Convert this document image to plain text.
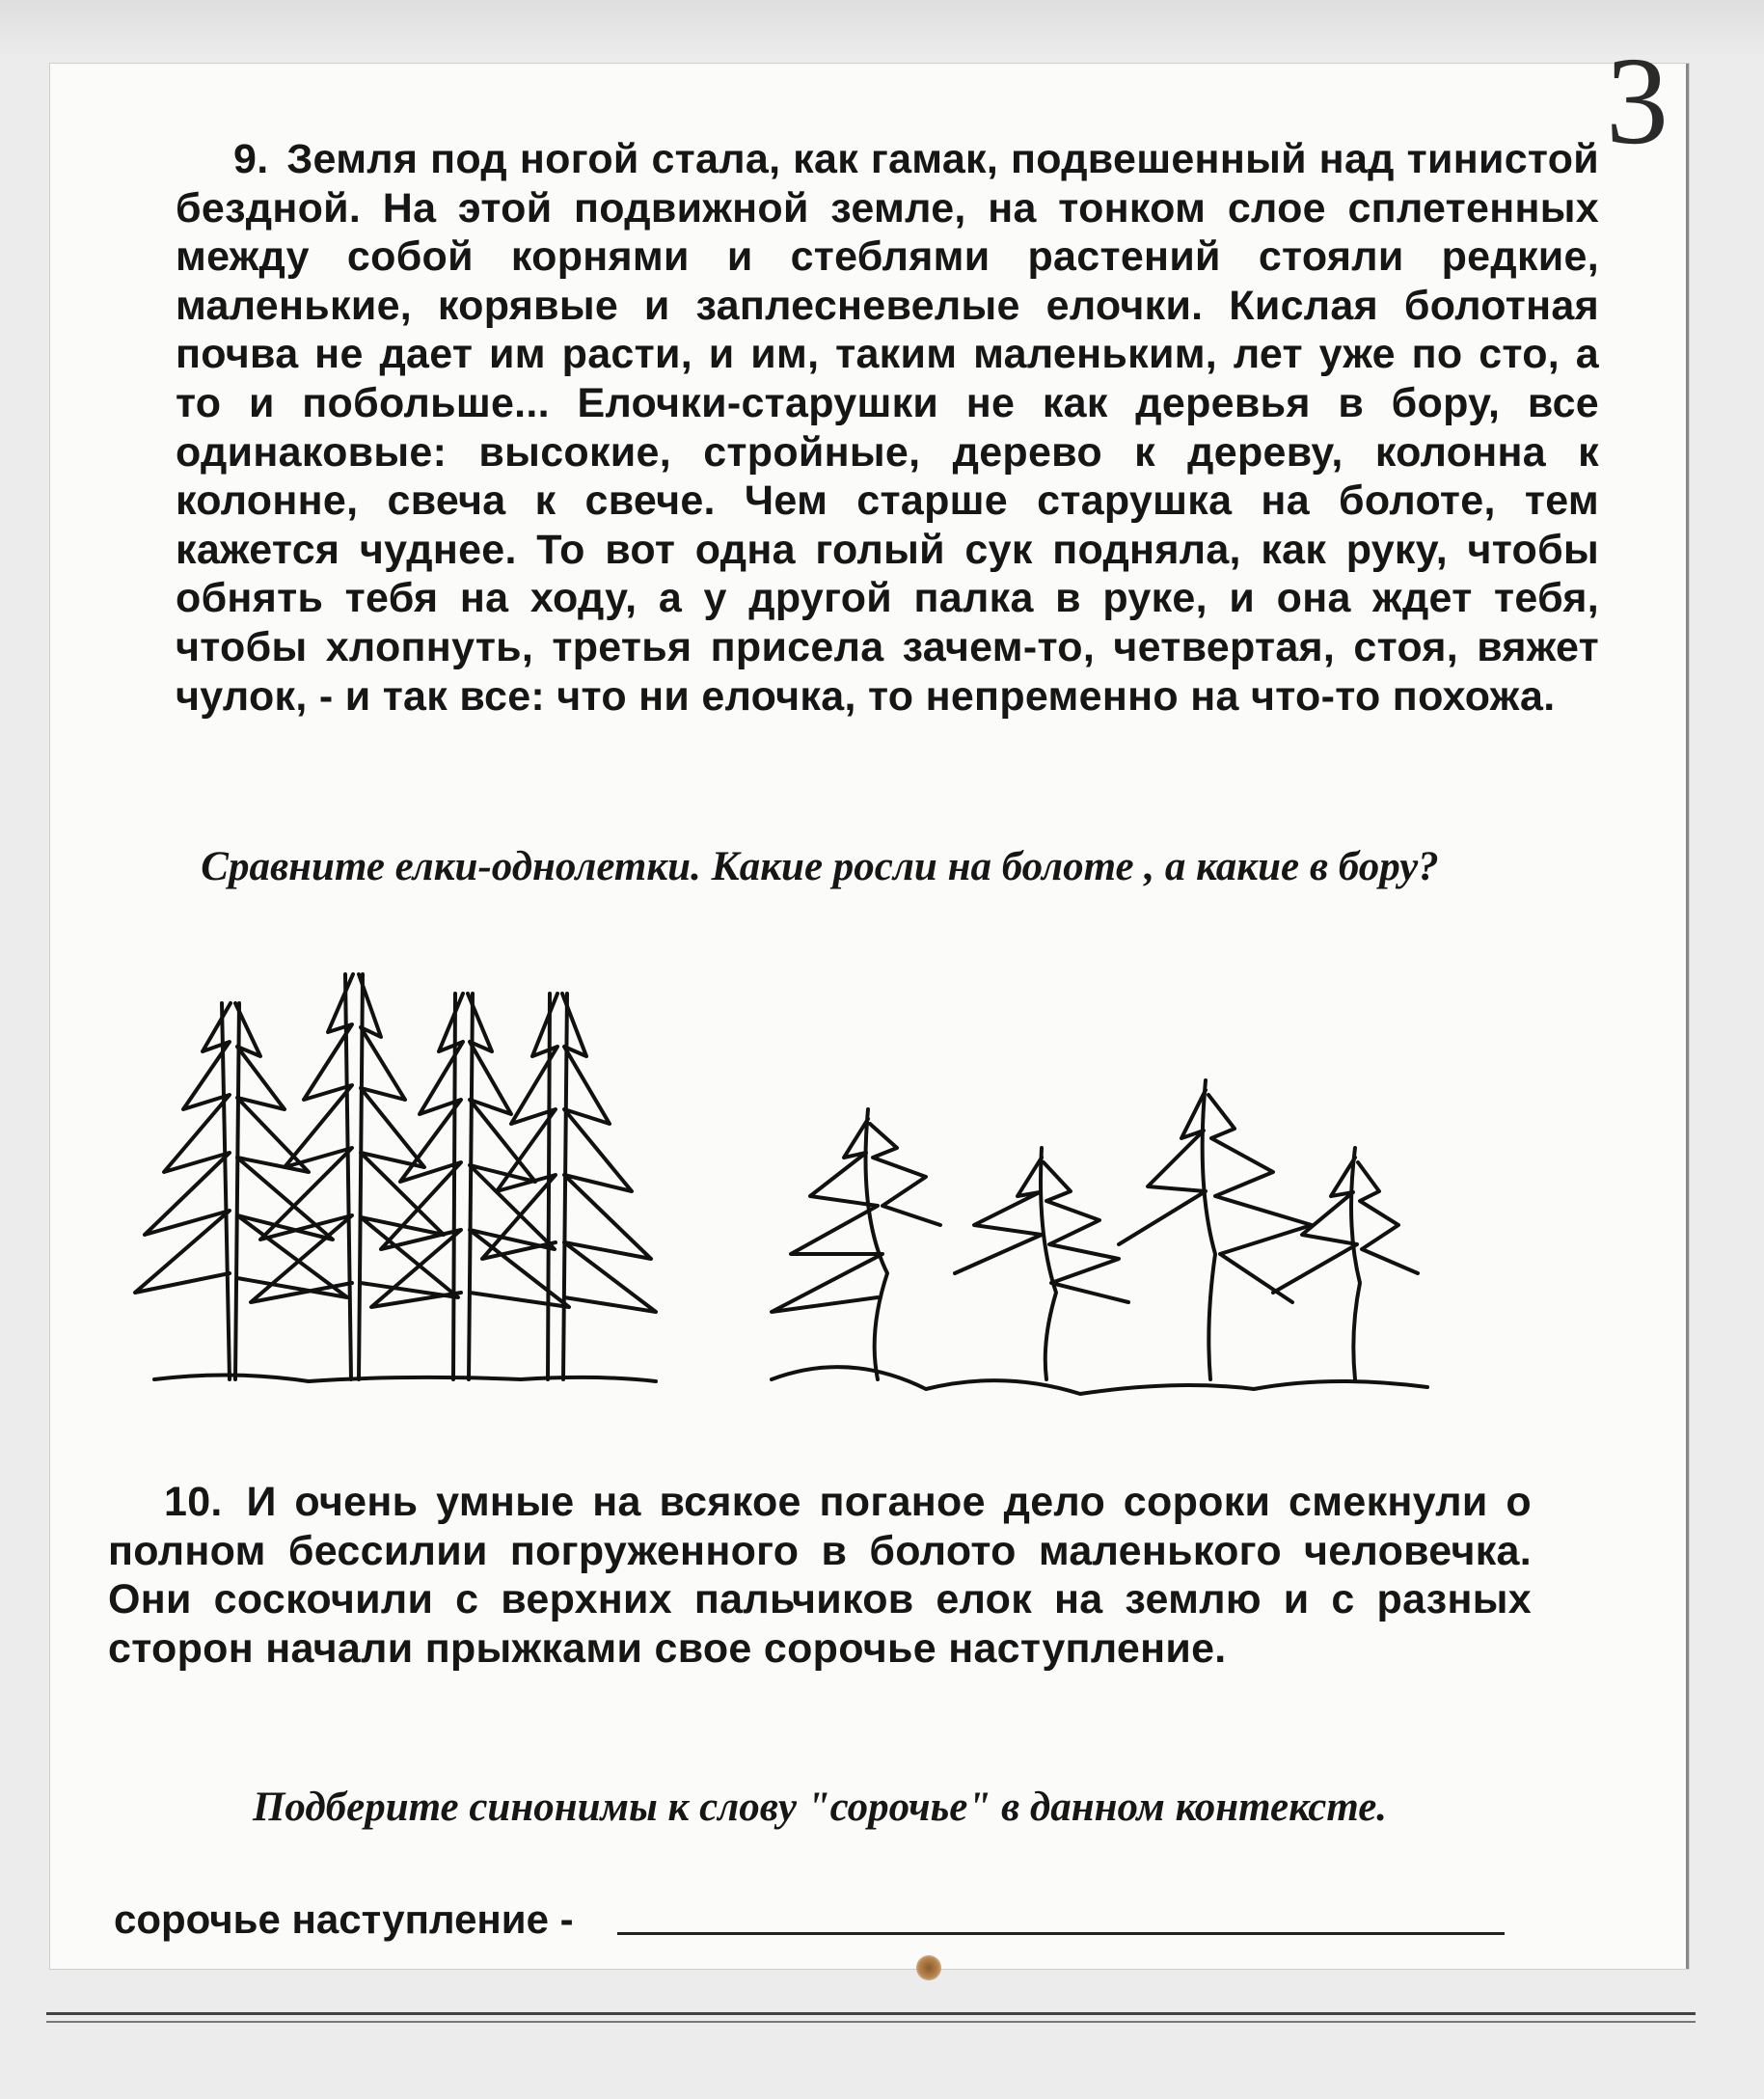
3
9. Земля под ногой стала, как гамак, подвешенный над тинистой бездной. На этой подвижной земле, на тонком слое сплетенных между собой корнями и стеблями растений стояли редкие, маленькие, корявые и заплесневелые елочки. Кислая болотная почва не дает им расти, и им, таким маленьким, лет уже по сто, а то и побольше... Елочки-старушки не как деревья в бору, все одинаковые: высокие, стройные, дерево к дереву, колонна к колонне, свеча к свече. Чем старше старушка на болоте, тем кажется чуднее. То вот одна голый сук подняла, как руку, чтобы обнять тебя на ходу, а у другой палка в руке, и она ждет тебя, чтобы хлопнуть, третья присела зачем-то, четвертая, стоя, вяжет чулок, - и так все: что ни елочка, то непременно на что-то похожа.
Сравните елки-однолетки. Какие росли на болоте , а какие в бору?
10. И очень умные на всякое поганое дело сороки смекнули о полном бессилии погруженного в болото маленького человечка. Они соскочили с верхних пальчиков елок на землю и с разных сторон начали прыжками свое сорочье наступление.
Подберите синонимы к слову "сорочье" в данном контексте.
сорочье наступление -
